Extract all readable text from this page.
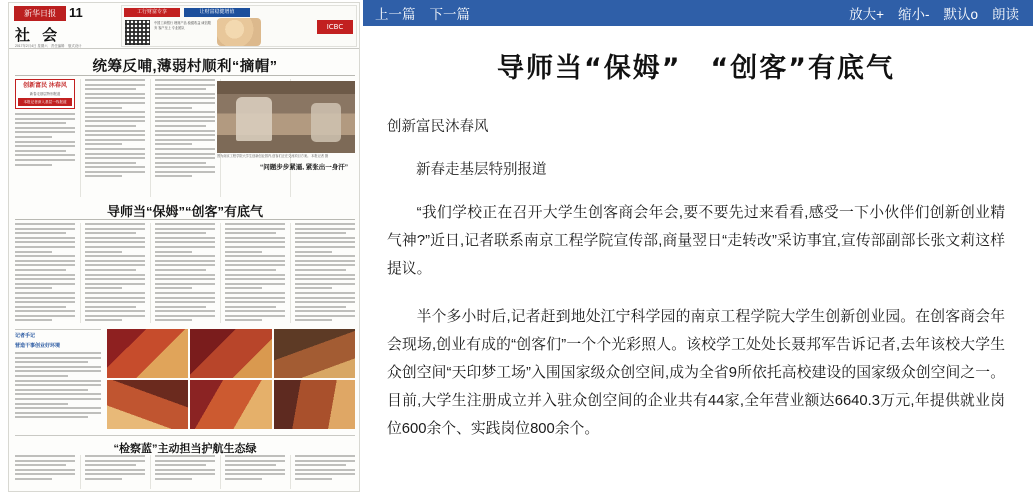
新华日报	11
社 会
2017年2月4日 星期六　责任编辑　版式设计
工行财富专享	让财富稳健增值
中国工商银行 理财产品 稳健收益 诚信服务 客户至上 专业团队	ICBC
统筹反哺,薄弱村顺利“摘帽”
创新富民 沐春风
新春走基层特别报道
本报记者深入基层一线报道
图为南京工程学院大学生创新创业园内,创客们正在交流项目方案。 本报记者 摄
“问题步步紧逼, 紧张出一身汗”
导师当“保姆”“创客”有底气
记者手记
营造干事创业好环境
“检察蓝”主动担当护航生态绿
上一篇 下一篇	放大+ 缩小- 默认o 朗读
导师当“保姆”　“创客”有底气

创新富民沐春风

新春走基层特别报道

“我们学校正在召开大学生创客商会年会,要不要先过来看看,感受一下小伙伴们创新创业精气神?”近日,记者联系南京工程学院宣传部,商量翌日“走转改”采访事宜,宣传部副部长张文莉这样提议。

半个多小时后,记者赶到地处江宁科学园的南京工程学院大学生创新创业园。在创客商会年会现场,创业有成的“创客们”一个个光彩照人。该校学工处处长聂邦军告诉记者,去年该校大学生众创空间“天印梦工场”入围国家级众创空间,成为全省9所依托高校建设的国家级众创空间之一。目前,大学生注册成立并入驻众创空间的企业共有44家,全年营业额达6640.3万元,年提供就业岗位600余个、实践岗位800余个。
